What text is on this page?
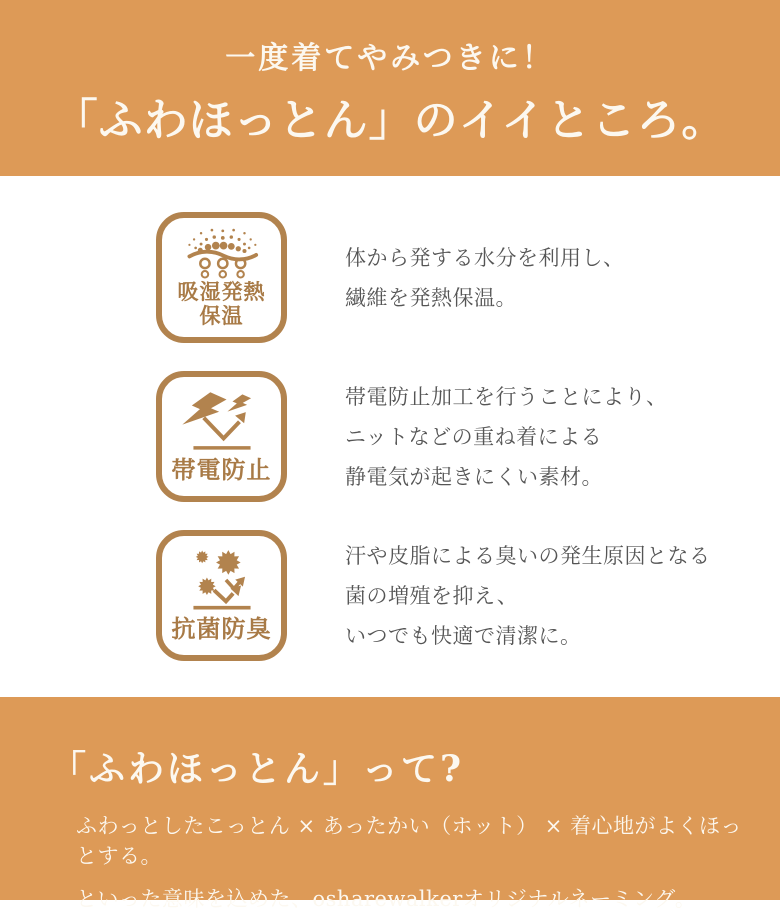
一度着てやみつきに！
「ふわほっとん」のイイところ。
吸湿発熱
保温
体から発する水分を利用し、
繊維を発熱保温。
帯電防止
帯電防止加工を行うことにより、
ニットなどの重ね着による
静電気が起きにくい素材。
抗菌防臭
汗や皮脂による臭いの発生原因となる
菌の増殖を抑え、
いつでも快適で清潔に。
「ふわほっとん」って?

ふわっとしたこっとん × あったかい（ホット） × 着心地がよくほっとする。

といった意味を込めた、osharewalkerオリジナルネーミング。
